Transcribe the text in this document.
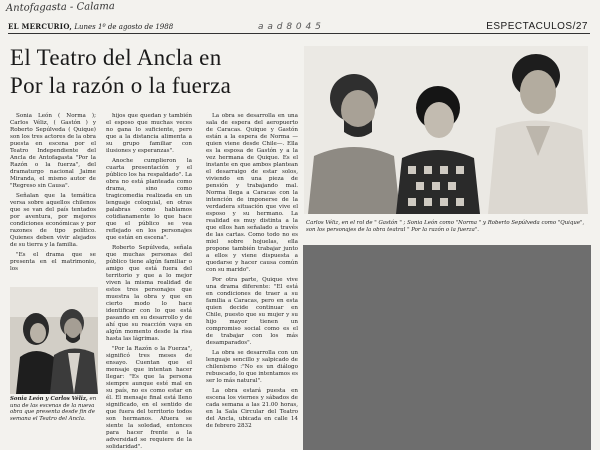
Antofagasta - Calama
a a d 8 0 4 5
EL MERCURIO, Lunes 1º de agosto de 1988	ESPECTACULOS/27
El Teatro del Ancla en
Por la razón o la fuerza

Sonia León ( Norma ); Carlos Véliz, ( Gastón ) y Roberto Sepúlveda ( Quique) son los tres actores de la obra puesta en escena por el Teatro Independiente del Ancla de Antofagasta "Por la Razón o la fuerza", del dramaturgo nacional Jaime Miranda, el mismo autor de "Regreso sin Causa".

Señalan que la temática versa sobre aquellos chilenos que se van del país tentados por aventura, por mejores condiciones económicas y por razones de tipo político. Quienes deben vivir alejados de su tierra y la familia.

"Es el drama que se presenta en el matrimonio, los

hijos que quedan y también el esposo que muchas veces no gana lo suficiente, pero que a la distancia alimenta a su grupo familiar con ilusiones y esperanzas".

Anoche cumplieron la cuarta presentación y el público los ha respaldado". La obra no está planteada como drama, sino como tragicomedia realizada en un lenguaje coloquial, en otras palabras como hablamos cotidianamente lo que hace que el público se vea reflejado en los personajes que están en escena".

Roberto Sepúlveda, señala que muchas personas del público tiene algún familiar o amigo que está fuera del territorio y que a lo mejor viven la misma realidad de estos tres personajes que muestra la obra y que en cierto modo lo hace identificar con lo que está pasando en su desarrollo y de ahí que su reacción vaya en algún momento desde la risa hasta las lágrimas.

"Por la Razón o la Fuerza", significó tres meses de ensayo. Cuentan que el mensaje que intentan hacer llegar: "Es que la persona siempre aunque esté mal en su país, no es como estar en él. El mensaje final está lleno significado, en el sentido de que fuera del territorio todos son hermanos. Afuera se siente la soledad, entonces para hacer frente a la adversidad se requiere de la solidaridad".

La obra se desarrolla en una sala de espera del aeropuerto de Caracas. Quique y Gastón están a la espera de Norma — quien viene desde Chile—. Ella es la esposa de Gastón y a la vez hermana de Quique. Es el instante en que ambos plantean el desarraigo de estar solos, viviendo en una pieza de pensión y trabajando mal. Norma llega a Caracas con la intención de imponerse de la verdadera situación que vive el esposo y su hermano. La realidad es muy distinta a la que ellos han señalado a través de las cartas. Como todo no es miel sobre hojuelas, ella propone también trabajar junto a ellos y viene dispuesta a quedarse y hacer causa común con su marido".

Por otra parte, Quique vive una drama diferente: "El está en condiciones de traer a su familia a Caracas, pero en esta quien decide continuar en Chile, puesto que su mujer y su hijo mayor tienen un compromiso social como es el de trabajar con los más desamparados".

La obra se desarrolla con un lenguaje sencillo y salpicado de chilenismo :"No es un diálogo rebuscado, lo que intentamos es ser lo más natural".

La obra estará puesta en escena los viernes y sábados de cada semana a las 21.00 horas, en la Sala Circular del Teatro del Ancla, ubicada en calle 14 de febrero 2832

Sonia León y Carlos Véliz, en una de las escenas de la nueva obra que presenta desde fin de semana el Teatro del Ancla.
Carlos Véliz, en el rol de " Gastón " ; Sonia León como "Norma " y Roberto Sepúlveda como "Quique", son los personajes de la obra teatral " Por la razón o la fuerza".
